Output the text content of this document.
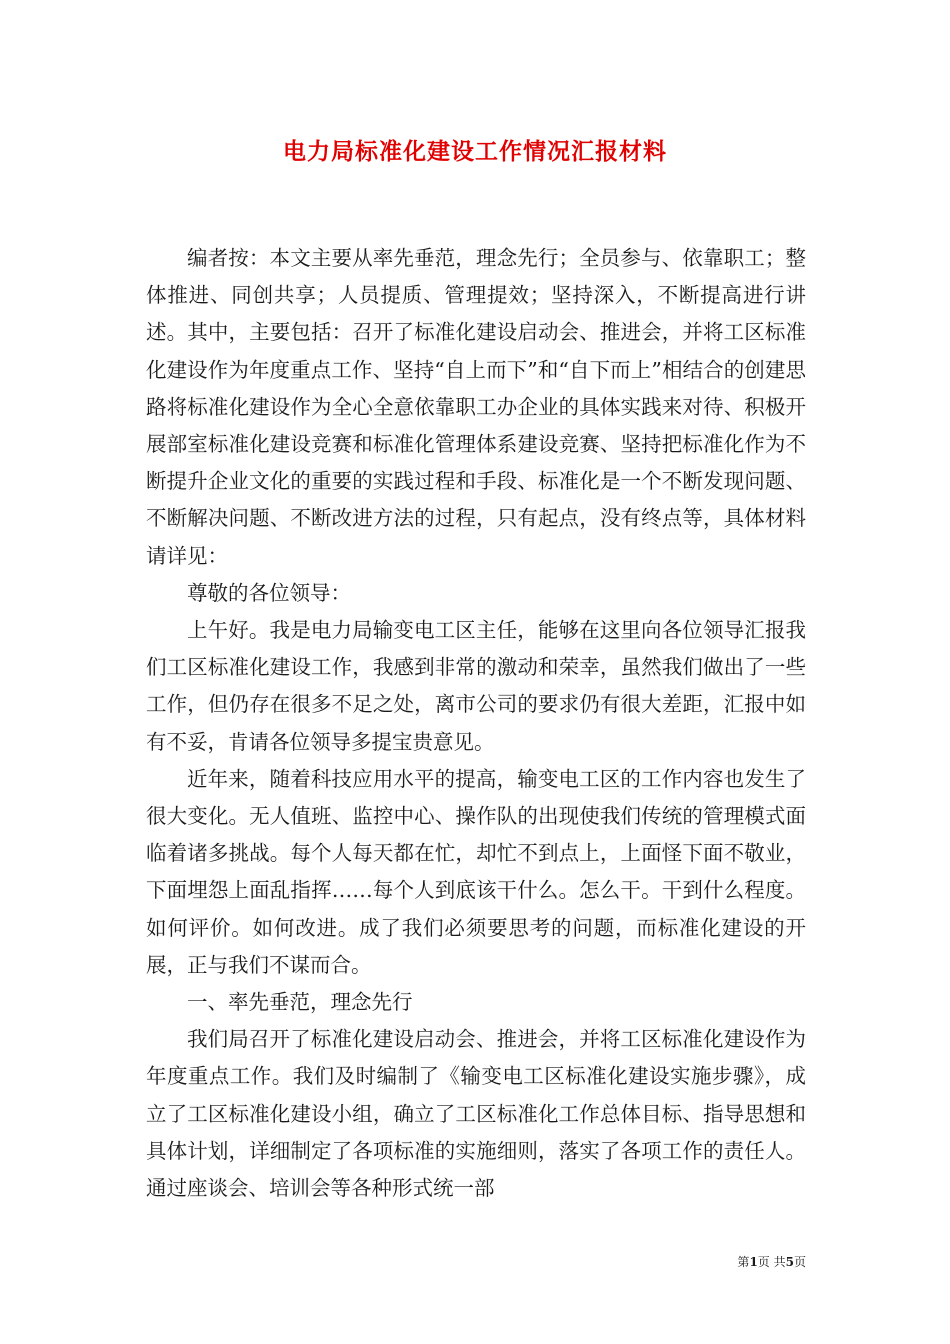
电力局标准化建设工作情况汇报材料

编者按：本文主要从率先垂范，理念先行；全员参与、依靠职工；整体推进、同创共享；人员提质、管理提效；坚持深入，不断提高进行讲述。其中，主要包括：召开了标准化建设启动会、推进会，并将工区标准化建设作为年度重点工作、坚持“自上而下”和“自下而上”相结合的创建思路将标准化建设作为全心全意依靠职工办企业的具体实践来对待、积极开展部室标准化建设竞赛和标准化管理体系建设竞赛、坚持把标准化作为不断提升企业文化的重要的实践过程和手段、标准化是一个不断发现问题、不断解决问题、不断改进方法的过程，只有起点，没有终点等，具体材料请详见：

尊敬的各位领导：

上午好。我是电力局输变电工区主任，能够在这里向各位领导汇报我们工区标准化建设工作，我感到非常的激动和荣幸，虽然我们做出了一些工作，但仍存在很多不足之处，离市公司的要求仍有很大差距，汇报中如有不妥，肯请各位领导多提宝贵意见。

近年来，随着科技应用水平的提高，输变电工区的工作内容也发生了很大变化。无人值班、监控中心、操作队的出现使我们传统的管理模式面临着诸多挑战。每个人每天都在忙，却忙不到点上，上面怪下面不敬业，下面埋怨上面乱指挥……每个人到底该干什么。怎么干。干到什么程度。如何评价。如何改进。成了我们必须要思考的问题，而标准化建设的开展，正与我们不谋而合。

一、率先垂范，理念先行

我们局召开了标准化建设启动会、推进会，并将工区标准化建设作为年度重点工作。我们及时编制了《输变电工区标准化建设实施步骤》，成立了工区标准化建设小组，确立了工区标准化工作总体目标、指导思想和具体计划，详细制定了各项标准的实施细则，落实了各项工作的责任人。通过座谈会、培训会等各种形式统一部

第1页 共5页
